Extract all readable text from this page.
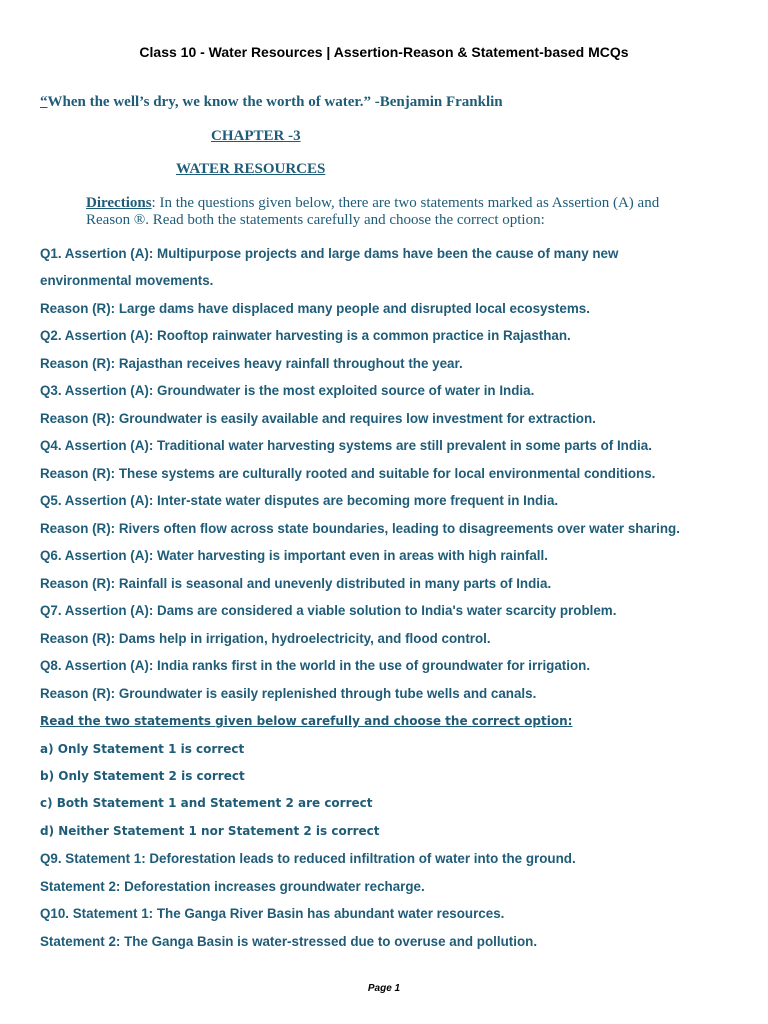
Class 10 - Water Resources | Assertion-Reason & Statement-based MCQs
“When the well’s dry, we know the worth of water.” -Benjamin Franklin
CHAPTER -3
WATER RESOURCES
Directions: In the questions given below, there are two statements marked as Assertion (A) and
Reason ®. Read both the statements carefully and choose the correct option:
Q1. Assertion (A): Multipurpose projects and large dams have been the cause of many new
environmental movements.
Reason (R): Large dams have displaced many people and disrupted local ecosystems.
Q2. Assertion (A): Rooftop rainwater harvesting is a common practice in Rajasthan.
Reason (R): Rajasthan receives heavy rainfall throughout the year.
Q3. Assertion (A): Groundwater is the most exploited source of water in India.
Reason (R): Groundwater is easily available and requires low investment for extraction.
Q4. Assertion (A): Traditional water harvesting systems are still prevalent in some parts of India.
Reason (R): These systems are culturally rooted and suitable for local environmental conditions.
Q5. Assertion (A): Inter-state water disputes are becoming more frequent in India.
Reason (R): Rivers often flow across state boundaries, leading to disagreements over water sharing.
Q6. Assertion (A): Water harvesting is important even in areas with high rainfall.
Reason (R): Rainfall is seasonal and unevenly distributed in many parts of India.
Q7. Assertion (A): Dams are considered a viable solution to India's water scarcity problem.
Reason (R): Dams help in irrigation, hydroelectricity, and flood control.
Q8. Assertion (A): India ranks first in the world in the use of groundwater for irrigation.
Reason (R): Groundwater is easily replenished through tube wells and canals.
Read the two statements given below carefully and choose the correct option:
a) Only Statement 1 is correct
b) Only Statement 2 is correct
c) Both Statement 1 and Statement 2 are correct
d) Neither Statement 1 nor Statement 2 is correct
Q9. Statement 1: Deforestation leads to reduced infiltration of water into the ground.
Statement 2: Deforestation increases groundwater recharge.
Q10. Statement 1: The Ganga River Basin has abundant water resources.
Statement 2: The Ganga Basin is water-stressed due to overuse and pollution.
Page 1
